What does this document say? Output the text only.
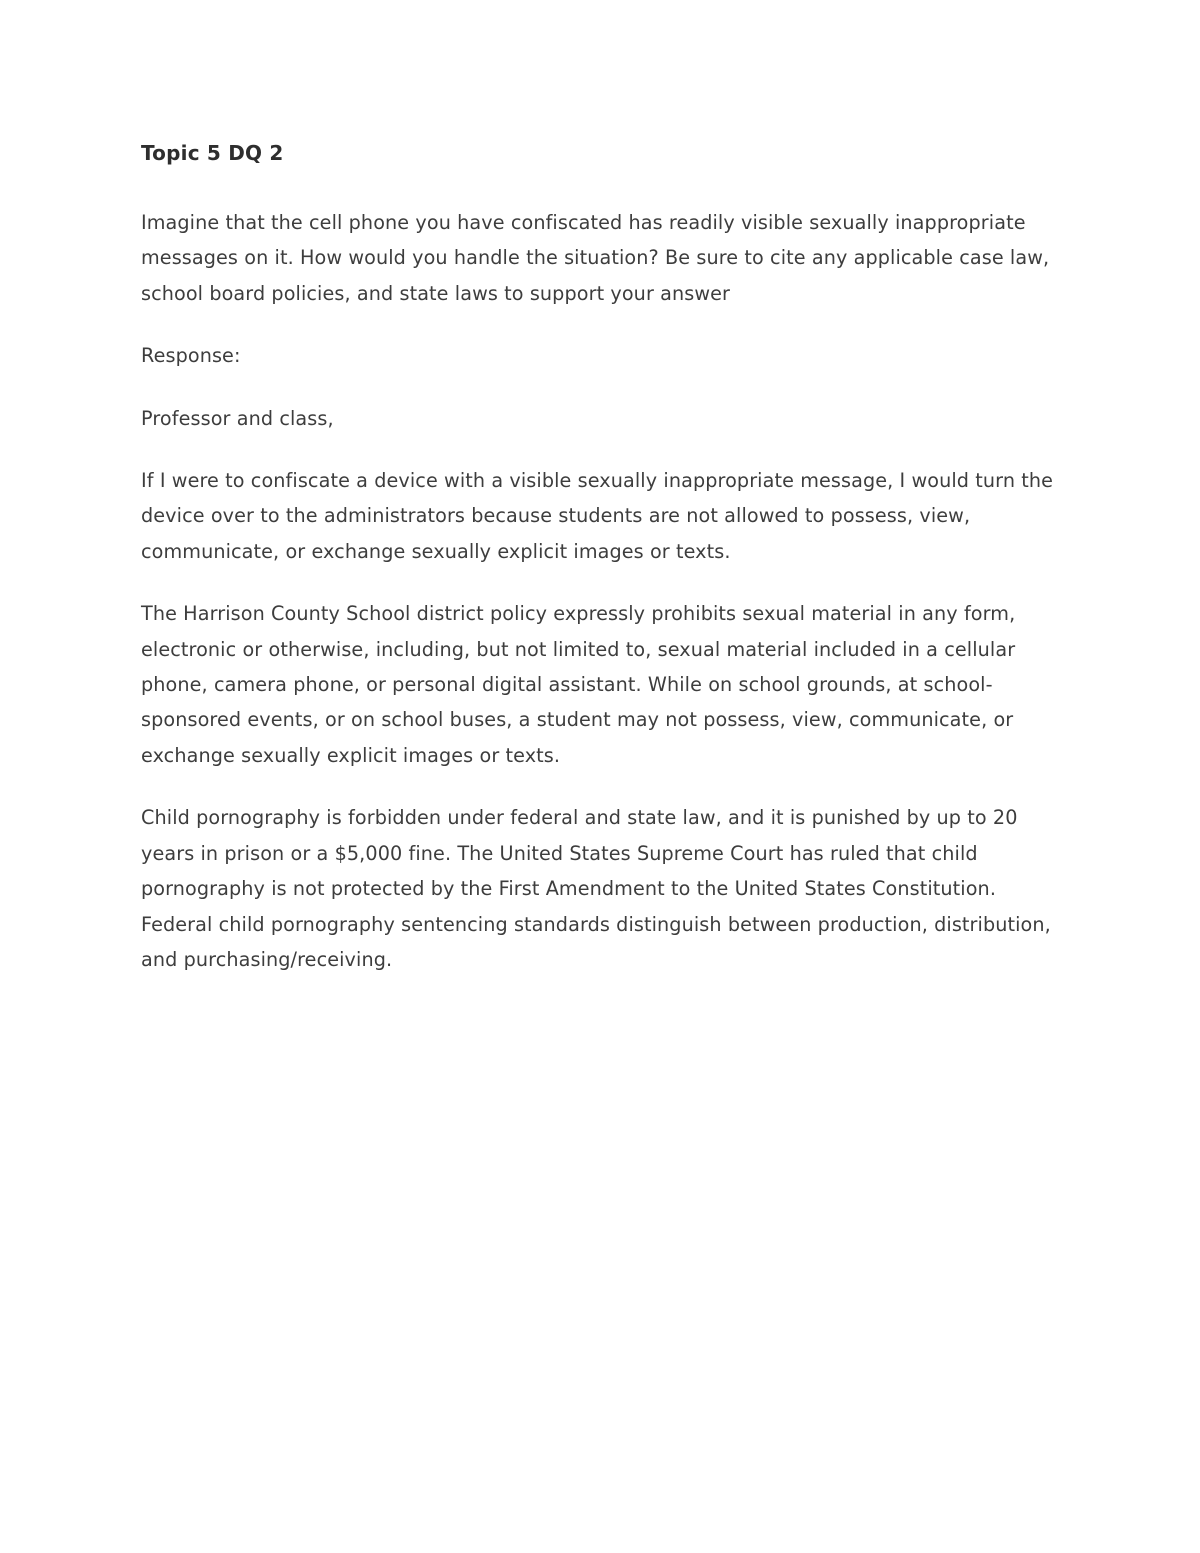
Topic 5 DQ 2

Imagine that the cell phone you have confiscated has readily visible sexually inappropriate messages on it. How would you handle the situation? Be sure to cite any applicable case law, school board policies, and state laws to support your answer

Response:

Professor and class,

If I were to confiscate a device with a visible sexually inappropriate message, I would turn the device over to the administrators because students are not allowed to possess, view, communicate, or exchange sexually explicit images or texts.

The Harrison County School district policy expressly prohibits sexual material in any form, electronic or otherwise, including, but not limited to, sexual material included in a cellular phone, camera phone, or personal digital assistant. While on school grounds, at school-sponsored events, or on school buses, a student may not possess, view, communicate, or exchange sexually explicit images or texts.

Child pornography is forbidden under federal and state law, and it is punished by up to 20 years in prison or a $5,000 fine. The United States Supreme Court has ruled that child pornography is not protected by the First Amendment to the United States Constitution. Federal child pornography sentencing standards distinguish between production, distribution, and purchasing/receiving.
